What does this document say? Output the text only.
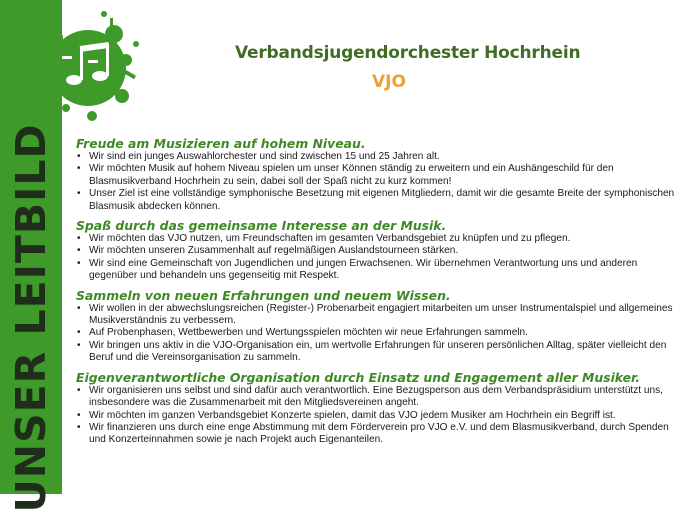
UNSER LEITBILD
Verbandsjugendorchester Hochrhein
VJO
Freude am Musizieren auf hohem Niveau.
• Wir sind ein junges Auswahlorchester und sind zwischen 15 und 25 Jahren alt.
• Wir möchten Musik auf hohem Niveau spielen um unser Können ständig zu erweitern und ein Aushängeschild für den Blasmusikverband Hochrhein zu sein, dabei soll der Spaß nicht zu kurz kommen!
• Unser Ziel ist eine vollständige symphonische Besetzung mit eigenen Mitgliedern, damit wir die gesamte Breite der symphonischen Blasmusik abdecken können.
Spaß durch das gemeinsame Interesse an der Musik.
• Wir möchten das VJO nutzen, um Freundschaften im gesamten Verbandsgebiet zu knüpfen und zu pflegen.
• Wir möchten unseren Zusammenhalt auf regelmäßigen Auslandstourneen stärken.
• Wir sind eine Gemeinschaft von Jugendlichen und jungen Erwachsenen. Wir übernehmen Verantwortung uns und anderen gegenüber und behandeln uns gegenseitig mit Respekt.
Sammeln von neuen Erfahrungen und neuem Wissen.
• Wir wollen in der abwechslungsreichen (Register-) Probenarbeit engagiert mitarbeiten um unser Instrumentalspiel und allgemeines Musikverständnis zu verbessern.
• Auf Probenphasen, Wettbewerben und Wertungsspielen möchten wir neue Erfahrungen sammeln.
• Wir bringen uns aktiv in die VJO-Organisation ein, um wertvolle Erfahrungen für unseren persönlichen Alltag, später vielleicht den Beruf und die Vereinsorganisation zu sammeln.
Eigenverantwortliche Organisation durch Einsatz und Engagement aller Musiker.
• Wir organisieren uns selbst und sind dafür auch verantwortlich. Eine Bezugsperson aus dem Verbandspräsidium unterstützt uns, insbesondere was die Zusammenarbeit mit den Mitgliedsvereinen angeht.
• Wir möchten im ganzen Verbandsgebiet Konzerte spielen, damit das VJO jedem Musiker am Hochrhein ein Begriff ist.
• Wir finanzieren uns durch eine enge Abstimmung mit dem Förderverein pro VJO e.V. und dem Blasmusikverband, durch Spenden und Konzerteinnahmen sowie je nach Projekt auch Eigenanteilen.
